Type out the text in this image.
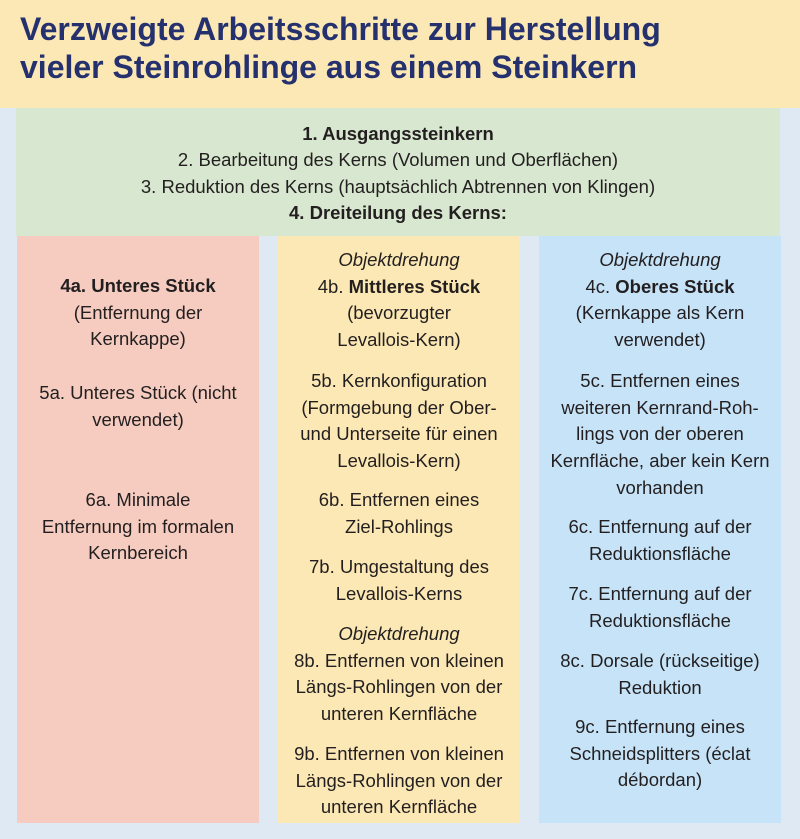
Verzweigte Arbeitsschritte zur Herstellung
vieler Steinrohlinge aus einem Steinkern
1. Ausgangssteinkern
2. Bearbeitung des Kerns (Volumen und Oberflächen)
3. Reduktion des Kerns (hauptsächlich Abtrennen von Klingen)
4. Dreiteilung des Kerns:
4a. Unteres Stück
(Entfernung der
Kernkappe)
5a. Unteres Stück (nicht
verwendet)
6a. Minimale
Entfernung im formalen
Kernbereich
Objektdrehung
4b. Mittleres Stück
(bevorzugter
Levallois-Kern)
5b. Kernkonfiguration
(Formgebung der Ober-
und Unterseite für einen
Levallois-Kern)
6b. Entfernen eines
Ziel-Rohlings
7b. Umgestaltung des
Levallois-Kerns
Objektdrehung
8b. Entfernen von kleinen
Längs-Rohlingen von der
unteren Kernfläche
9b. Entfernen von kleinen
Längs-Rohlingen von der
unteren Kernfläche
Objektdrehung
4c. Oberes Stück
(Kernkappe als Kern
verwendet)
5c. Entfernen eines
weiteren Kernrand-Roh-
lings von der oberen
Kernfläche, aber kein Kern
vorhanden
6c. Entfernung auf der
Reduktionsfläche
7c. Entfernung auf der
Reduktionsfläche
8c. Dorsale (rückseitige)
Reduktion
9c. Entfernung eines
Schneidsplitters (éclat
débordan)
